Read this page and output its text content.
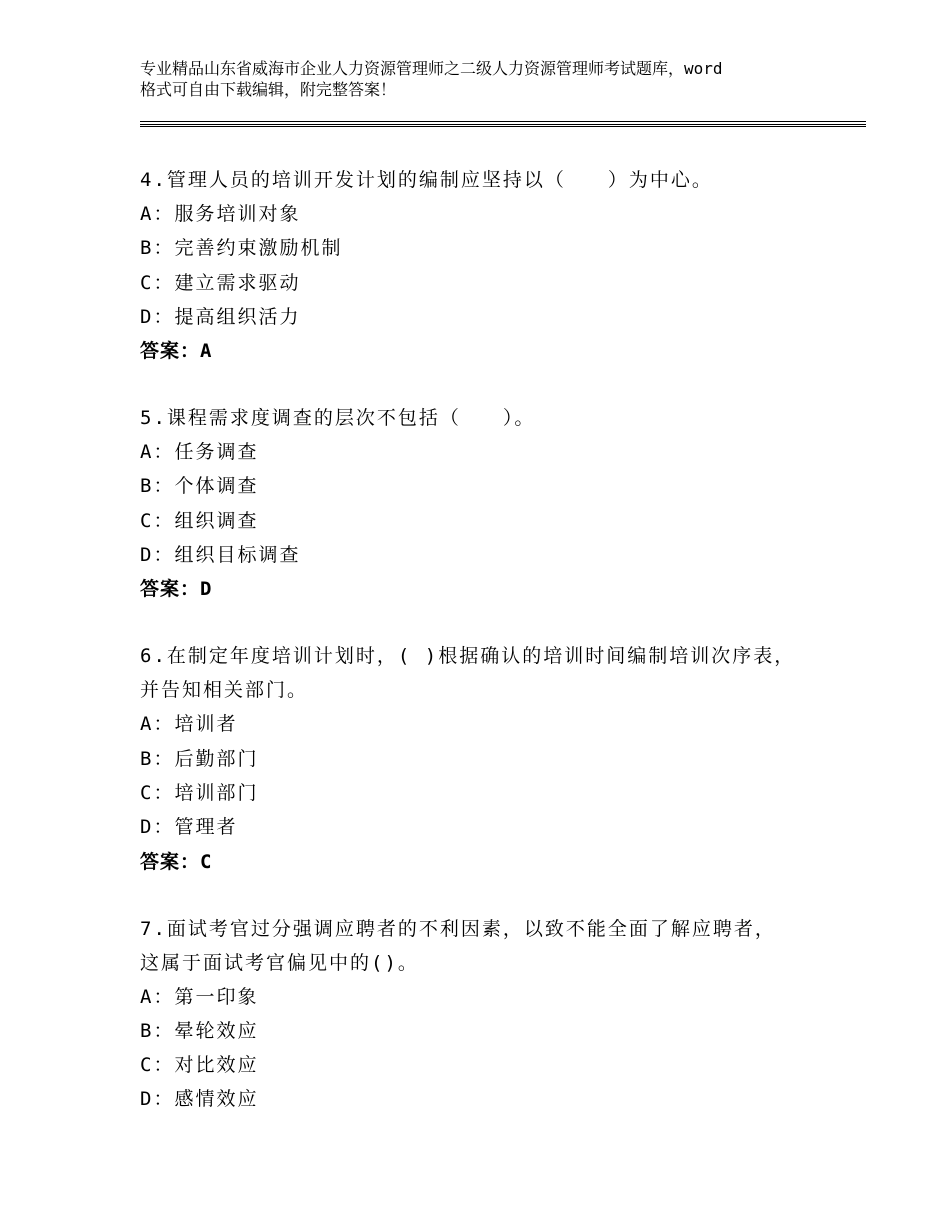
专业精品山东省威海市企业人力资源管理师之二级人力资源管理师考试题库，word
格式可自由下载编辑，附完整答案！

4.管理人员的培训开发计划的编制应坚持以（　　）为中心。

A：服务培训对象

B：完善约束激励机制

C：建立需求驱动

D：提高组织活力

答案：A

5.课程需求度调查的层次不包括（　　）。

A：任务调查

B：个体调查

C：组织调查

D：组织目标调查

答案：D

6.在制定年度培训计划时，( )根据确认的培训时间编制培训次序表，

并告知相关部门。

A：培训者

B：后勤部门

C：培训部门

D：管理者

答案：C

7.面试考官过分强调应聘者的不利因素，以致不能全面了解应聘者，

这属于面试考官偏见中的()。

A：第一印象

B：晕轮效应

C：对比效应

D：感情效应
